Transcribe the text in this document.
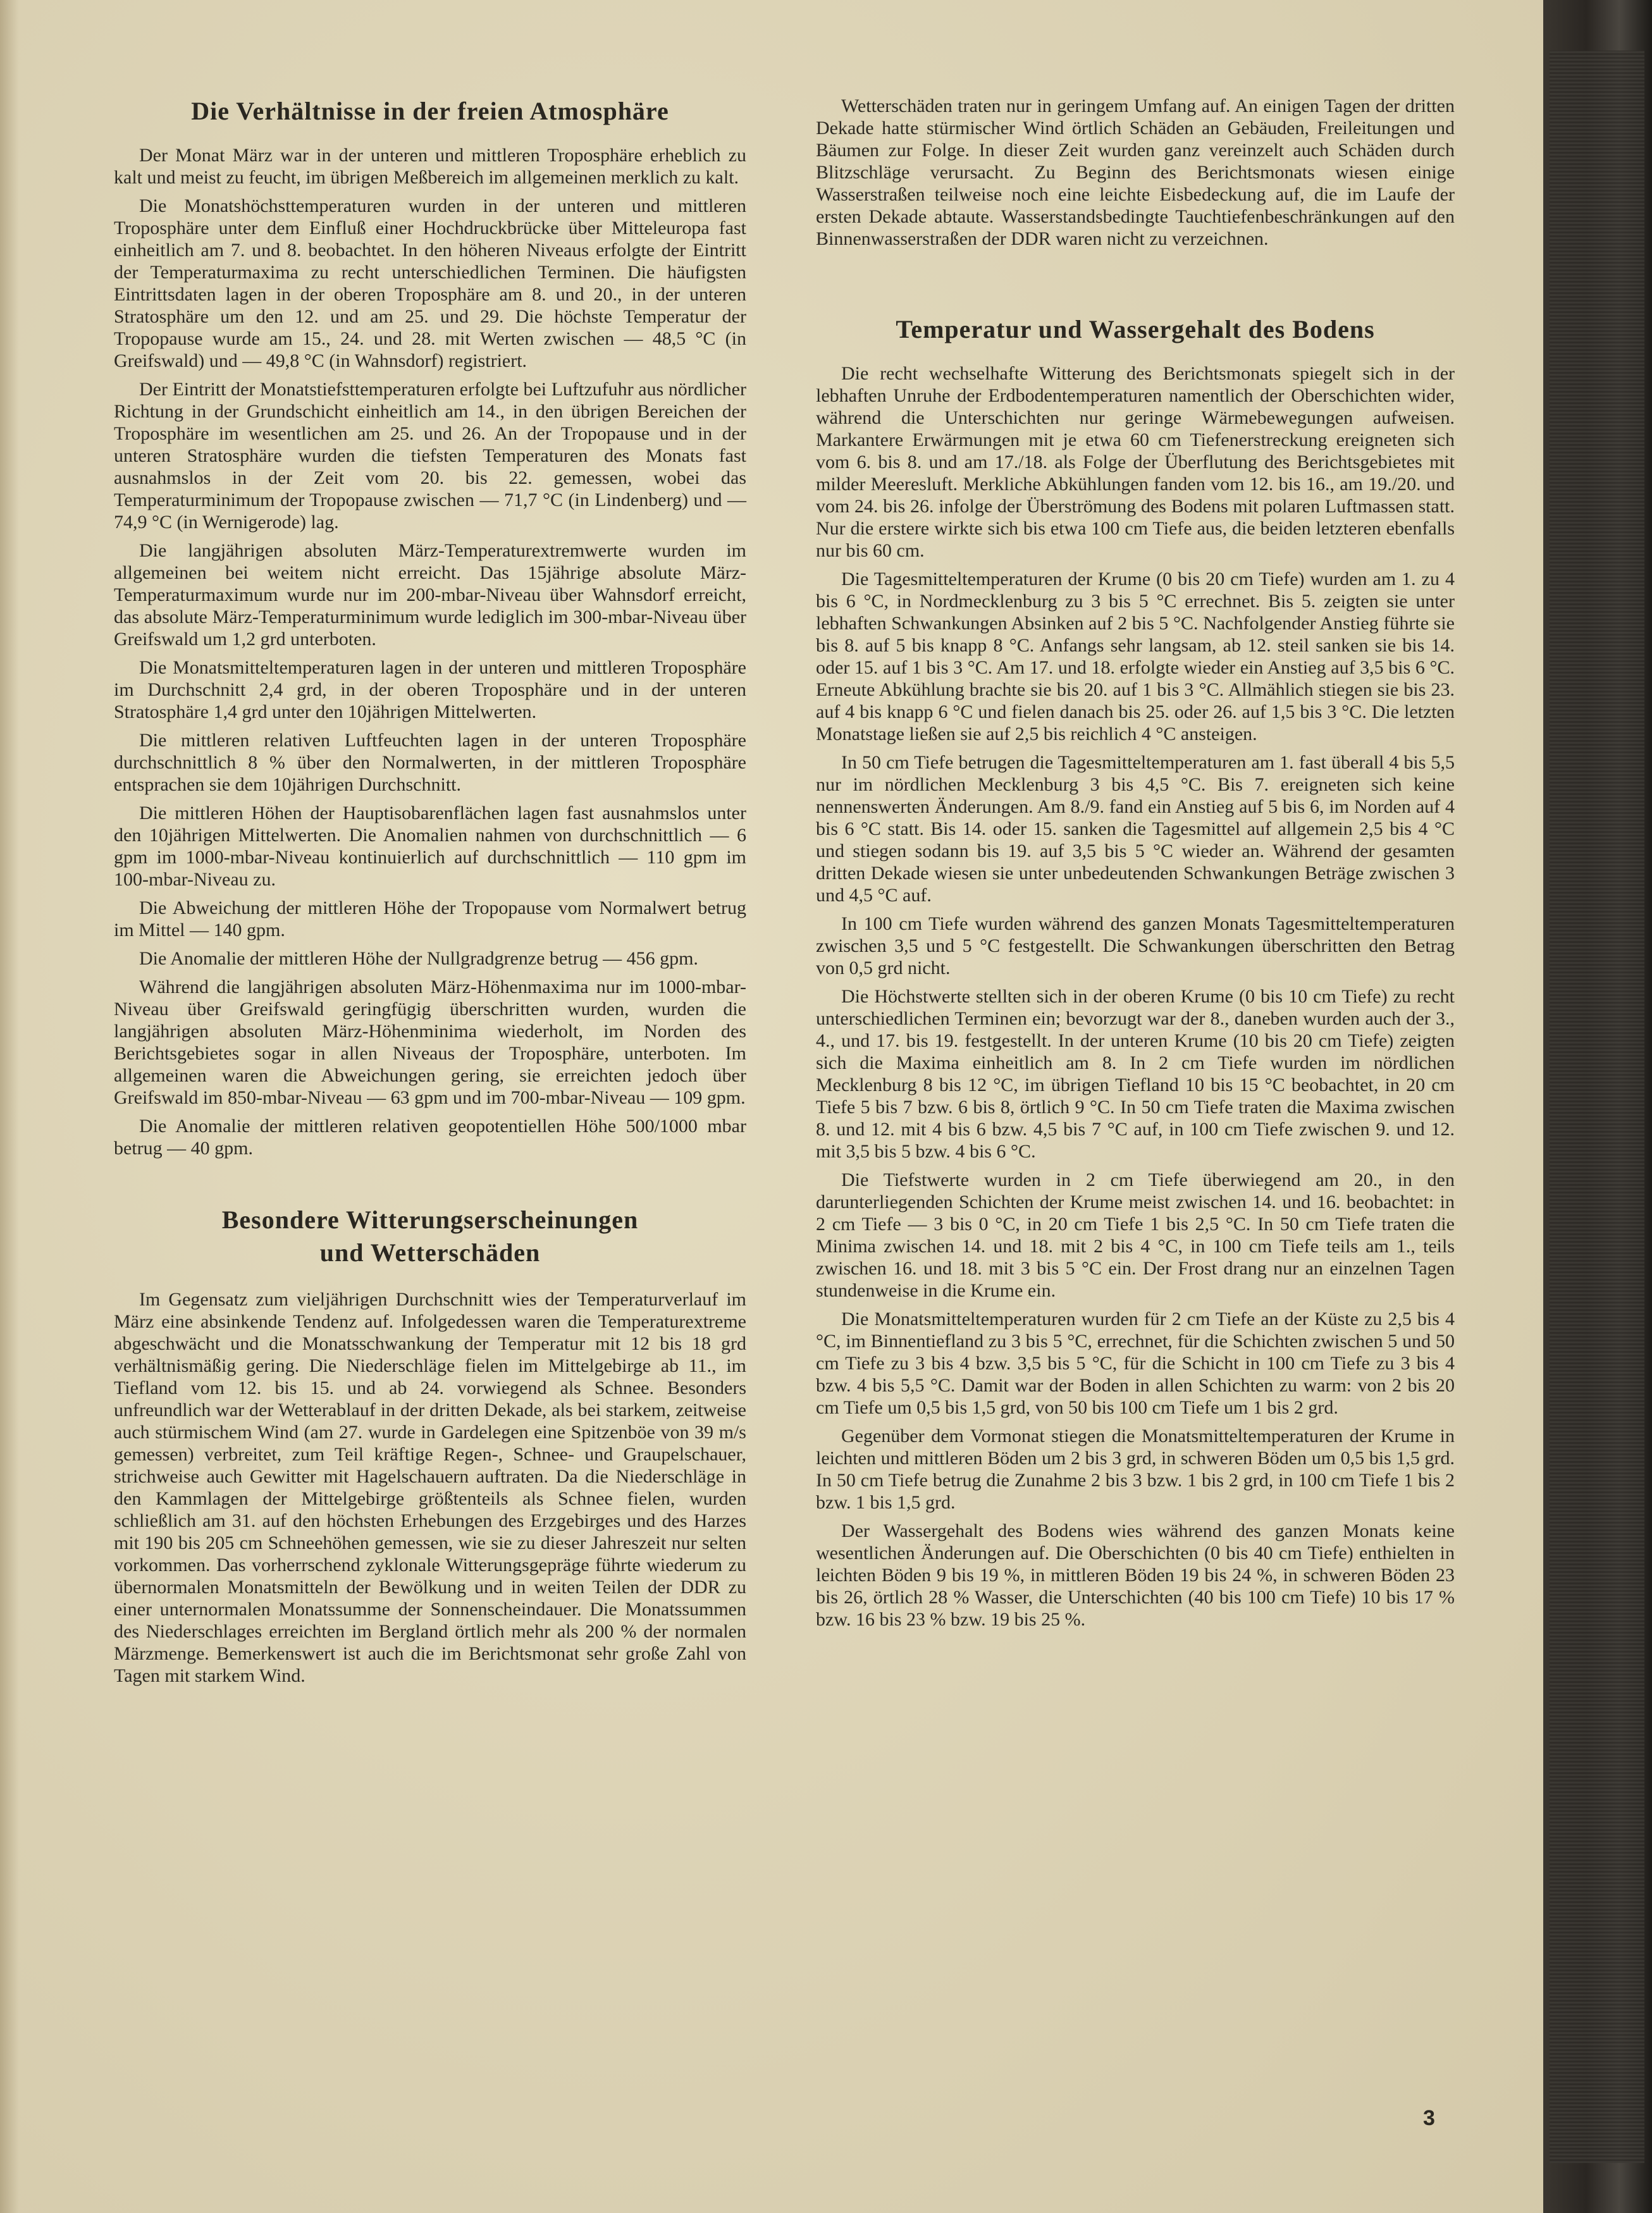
Die Verhältnisse in der freien Atmosphäre

Der Monat März war in der unteren und mittleren Troposphäre erheblich zu kalt und meist zu feucht, im übrigen Meßbereich im allgemeinen merklich zu kalt.

Die Monatshöchsttemperaturen wurden in der unteren und mittleren Troposphäre unter dem Einfluß einer Hochdruckbrücke über Mitteleuropa fast einheitlich am 7. und 8. beobachtet. In den höheren Niveaus erfolgte der Eintritt der Temperaturmaxima zu recht unterschiedlichen Terminen. Die häufigsten Eintrittsdaten lagen in der oberen Troposphäre am 8. und 20., in der unteren Stratosphäre um den 12. und am 25. und 29. Die höchste Temperatur der Tropopause wurde am 15., 24. und 28. mit Werten zwischen — 48,5 °C (in Greifswald) und — 49,8 °C (in Wahnsdorf) registriert.

Der Eintritt der Monatstiefsttemperaturen erfolgte bei Luftzufuhr aus nördlicher Richtung in der Grundschicht einheitlich am 14., in den übrigen Bereichen der Troposphäre im wesentlichen am 25. und 26. An der Tropopause und in der unteren Stratosphäre wurden die tiefsten Temperaturen des Monats fast ausnahmslos in der Zeit vom 20. bis 22. gemessen, wobei das Temperaturminimum der Tropopause zwischen — 71,7 °C (in Lindenberg) und — 74,9 °C (in Wernigerode) lag.

Die langjährigen absoluten März-Temperaturextremwerte wurden im allgemeinen bei weitem nicht erreicht. Das 15jährige absolute März-Temperaturmaximum wurde nur im 200-mbar-Niveau über Wahnsdorf erreicht, das absolute März-Temperaturminimum wurde lediglich im 300-mbar-Niveau über Greifswald um 1,2 grd unterboten.

Die Monatsmitteltemperaturen lagen in der unteren und mittleren Troposphäre im Durchschnitt 2,4 grd, in der oberen Troposphäre und in der unteren Stratosphäre 1,4 grd unter den 10jährigen Mittelwerten.

Die mittleren relativen Luftfeuchten lagen in der unteren Troposphäre durchschnittlich 8 % über den Normalwerten, in der mittleren Troposphäre entsprachen sie dem 10jährigen Durchschnitt.

Die mittleren Höhen der Hauptisobarenflächen lagen fast ausnahmslos unter den 10jährigen Mittelwerten. Die Anomalien nahmen von durchschnittlich — 6 gpm im 1000-mbar-Niveau kontinuierlich auf durchschnittlich — 110 gpm im 100-mbar-Niveau zu.

Die Abweichung der mittleren Höhe der Tropopause vom Normalwert betrug im Mittel — 140 gpm.

Die Anomalie der mittleren Höhe der Nullgradgrenze betrug — 456 gpm.

Während die langjährigen absoluten März-Höhenmaxima nur im 1000-mbar-Niveau über Greifswald geringfügig überschritten wurden, wurden die langjährigen absoluten März-Höhenminima wiederholt, im Norden des Berichtsgebietes sogar in allen Niveaus der Troposphäre, unterboten. Im allgemeinen waren die Abweichungen gering, sie erreichten jedoch über Greifswald im 850-mbar-Niveau — 63 gpm und im 700-mbar-Niveau — 109 gpm.

Die Anomalie der mittleren relativen geopotentiellen Höhe 500/1000 mbar betrug — 40 gpm.

Besondere Witterungserscheinungen
und Wetterschäden

Im Gegensatz zum vieljährigen Durchschnitt wies der Temperaturverlauf im März eine absinkende Tendenz auf. Infolgedessen waren die Temperaturextreme abgeschwächt und die Monatsschwankung der Temperatur mit 12 bis 18 grd verhältnismäßig gering. Die Niederschläge fielen im Mittelgebirge ab 11., im Tiefland vom 12. bis 15. und ab 24. vorwiegend als Schnee. Besonders unfreundlich war der Wetterablauf in der dritten Dekade, als bei starkem, zeitweise auch stürmischem Wind (am 27. wurde in Gardelegen eine Spitzenböe von 39 m/s gemessen) verbreitet, zum Teil kräftige Regen-, Schnee- und Graupelschauer, strichweise auch Gewitter mit Hagelschauern auftraten. Da die Niederschläge in den Kammlagen der Mittelgebirge größtenteils als Schnee fielen, wurden schließlich am 31. auf den höchsten Erhebungen des Erzgebirges und des Harzes mit 190 bis 205 cm Schneehöhen gemessen, wie sie zu dieser Jahreszeit nur selten vorkommen. Das vorherrschend zyklonale Witterungsgepräge führte wiederum zu übernormalen Monatsmitteln der Bewölkung und in weiten Teilen der DDR zu einer unternormalen Monatssumme der Sonnenscheindauer. Die Monatssummen des Niederschlages erreichten im Bergland örtlich mehr als 200 % der normalen Märzmenge. Bemerkenswert ist auch die im Berichtsmonat sehr große Zahl von Tagen mit starkem Wind.

Wetterschäden traten nur in geringem Umfang auf. An einigen Tagen der dritten Dekade hatte stürmischer Wind örtlich Schäden an Gebäuden, Freileitungen und Bäumen zur Folge. In dieser Zeit wurden ganz vereinzelt auch Schäden durch Blitzschläge verursacht. Zu Beginn des Berichtsmonats wiesen einige Wasserstraßen teilweise noch eine leichte Eisbedeckung auf, die im Laufe der ersten Dekade abtaute. Wasserstandsbedingte Tauchtiefenbeschränkungen auf den Binnenwasserstraßen der DDR waren nicht zu verzeichnen.

Temperatur und Wassergehalt des Bodens

Die recht wechselhafte Witterung des Berichtsmonats spiegelt sich in der lebhaften Unruhe der Erdbodentemperaturen namentlich der Oberschichten wider, während die Unterschichten nur geringe Wärmebewegungen aufweisen. Markantere Erwärmungen mit je etwa 60 cm Tiefenerstreckung ereigneten sich vom 6. bis 8. und am 17./18. als Folge der Überflutung des Berichtsgebietes mit milder Meeresluft. Merkliche Abkühlungen fanden vom 12. bis 16., am 19./20. und vom 24. bis 26. infolge der Überströmung des Bodens mit polaren Luftmassen statt. Nur die erstere wirkte sich bis etwa 100 cm Tiefe aus, die beiden letzteren ebenfalls nur bis 60 cm.

Die Tagesmitteltemperaturen der Krume (0 bis 20 cm Tiefe) wurden am 1. zu 4 bis 6 °C, in Nordmecklenburg zu 3 bis 5 °C errechnet. Bis 5. zeigten sie unter lebhaften Schwankungen Absinken auf 2 bis 5 °C. Nachfolgender Anstieg führte sie bis 8. auf 5 bis knapp 8 °C. Anfangs sehr langsam, ab 12. steil sanken sie bis 14. oder 15. auf 1 bis 3 °C. Am 17. und 18. erfolgte wieder ein Anstieg auf 3,5 bis 6 °C. Erneute Abkühlung brachte sie bis 20. auf 1 bis 3 °C. Allmählich stiegen sie bis 23. auf 4 bis knapp 6 °C und fielen danach bis 25. oder 26. auf 1,5 bis 3 °C. Die letzten Monatstage ließen sie auf 2,5 bis reichlich 4 °C ansteigen.

In 50 cm Tiefe betrugen die Tagesmitteltemperaturen am 1. fast überall 4 bis 5,5 nur im nördlichen Mecklenburg 3 bis 4,5 °C. Bis 7. ereigneten sich keine nennenswerten Änderungen. Am 8./9. fand ein Anstieg auf 5 bis 6, im Norden auf 4 bis 6 °C statt. Bis 14. oder 15. sanken die Tagesmittel auf allgemein 2,5 bis 4 °C und stiegen sodann bis 19. auf 3,5 bis 5 °C wieder an. Während der gesamten dritten Dekade wiesen sie unter unbedeutenden Schwankungen Beträge zwischen 3 und 4,5 °C auf.

In 100 cm Tiefe wurden während des ganzen Monats Tagesmitteltemperaturen zwischen 3,5 und 5 °C festgestellt. Die Schwankungen überschritten den Betrag von 0,5 grd nicht.

Die Höchstwerte stellten sich in der oberen Krume (0 bis 10 cm Tiefe) zu recht unterschiedlichen Terminen ein; bevorzugt war der 8., daneben wurden auch der 3., 4., und 17. bis 19. festgestellt. In der unteren Krume (10 bis 20 cm Tiefe) zeigten sich die Maxima einheitlich am 8. In 2 cm Tiefe wurden im nördlichen Mecklenburg 8 bis 12 °C, im übrigen Tiefland 10 bis 15 °C beobachtet, in 20 cm Tiefe 5 bis 7 bzw. 6 bis 8, örtlich 9 °C. In 50 cm Tiefe traten die Maxima zwischen 8. und 12. mit 4 bis 6 bzw. 4,5 bis 7 °C auf, in 100 cm Tiefe zwischen 9. und 12. mit 3,5 bis 5 bzw. 4 bis 6 °C.

Die Tiefstwerte wurden in 2 cm Tiefe überwiegend am 20., in den darunterliegenden Schichten der Krume meist zwischen 14. und 16. beobachtet: in 2 cm Tiefe — 3 bis 0 °C, in 20 cm Tiefe 1 bis 2,5 °C. In 50 cm Tiefe traten die Minima zwischen 14. und 18. mit 2 bis 4 °C, in 100 cm Tiefe teils am 1., teils zwischen 16. und 18. mit 3 bis 5 °C ein. Der Frost drang nur an einzelnen Tagen stundenweise in die Krume ein.

Die Monatsmitteltemperaturen wurden für 2 cm Tiefe an der Küste zu 2,5 bis 4 °C, im Binnentiefland zu 3 bis 5 °C, errechnet, für die Schichten zwischen 5 und 50 cm Tiefe zu 3 bis 4 bzw. 3,5 bis 5 °C, für die Schicht in 100 cm Tiefe zu 3 bis 4 bzw. 4 bis 5,5 °C. Damit war der Boden in allen Schichten zu warm: von 2 bis 20 cm Tiefe um 0,5 bis 1,5 grd, von 50 bis 100 cm Tiefe um 1 bis 2 grd.

Gegenüber dem Vormonat stiegen die Monatsmitteltemperaturen der Krume in leichten und mittleren Böden um 2 bis 3 grd, in schweren Böden um 0,5 bis 1,5 grd. In 50 cm Tiefe betrug die Zunahme 2 bis 3 bzw. 1 bis 2 grd, in 100 cm Tiefe 1 bis 2 bzw. 1 bis 1,5 grd.

Der Wassergehalt des Bodens wies während des ganzen Monats keine wesentlichen Änderungen auf. Die Oberschichten (0 bis 40 cm Tiefe) enthielten in leichten Böden 9 bis 19 %, in mittleren Böden 19 bis 24 %, in schweren Böden 23 bis 26, örtlich 28 % Wasser, die Unterschichten (40 bis 100 cm Tiefe) 10 bis 17 % bzw. 16 bis 23 % bzw. 19 bis 25 %.

3
